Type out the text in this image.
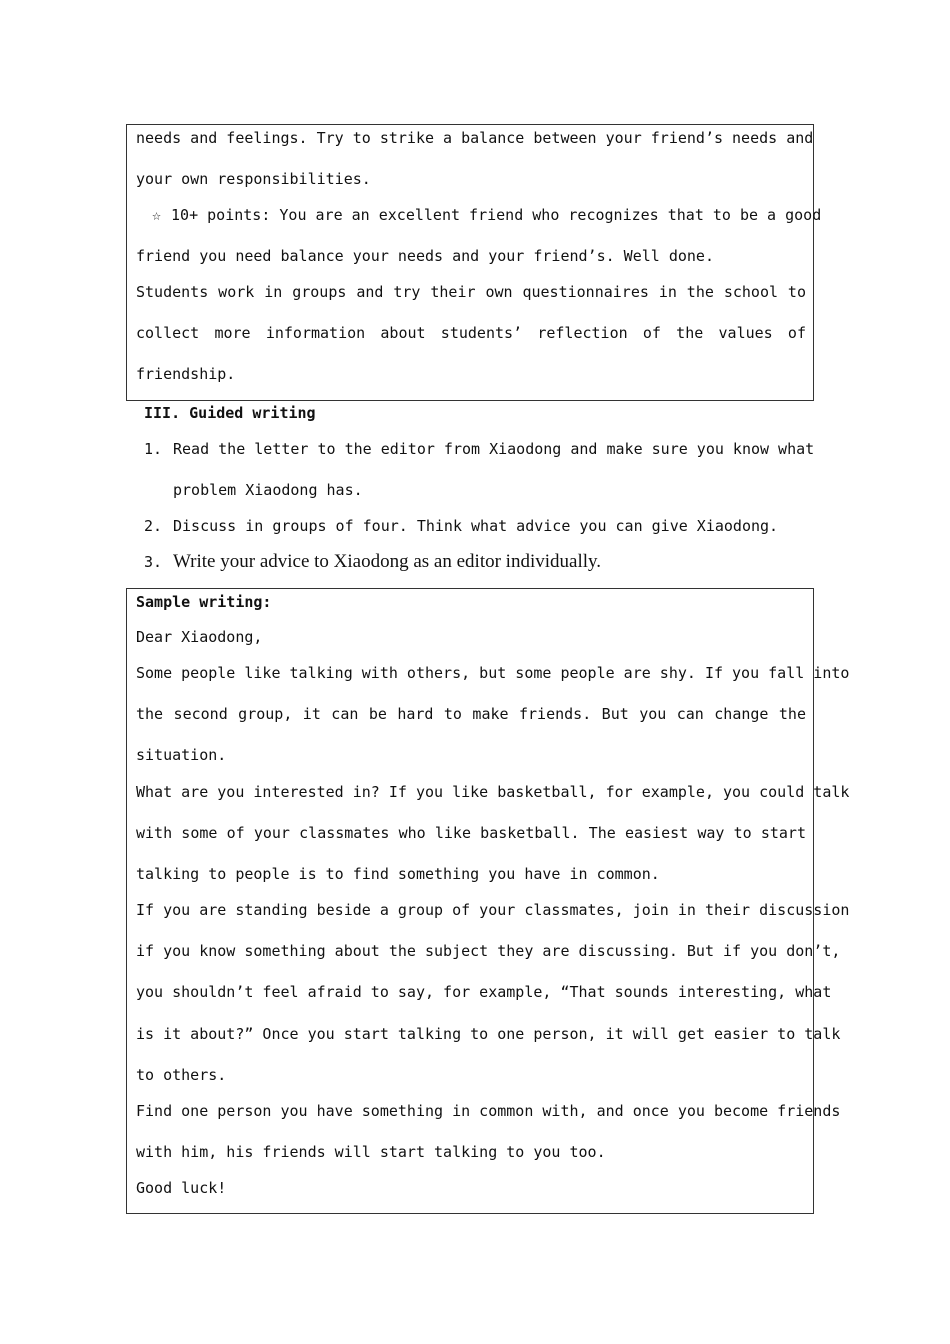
needs and feelings. Try to strike a balance between your friend’s needs and
your own responsibilities.
☆ 10+ points: You are an excellent friend who recognizes that to be a good
friend you need balance your needs and your friend’s. Well done.
Students work in groups and try their own questionnaires in the school to
collect more information about students’ reflection of the values of
friendship.
III. Guided writing
1. Read the letter to the editor from Xiaodong and make sure you know what
problem Xiaodong has.
2. Discuss in groups of four. Think what advice you can give Xiaodong.
3. Write your advice to Xiaodong as an editor individually.
Sample writing:
Dear Xiaodong,
Some people like talking with others, but some people are shy. If you fall into
the second group, it can be hard to make friends. But you can change the
situation.
What are you interested in? If you like basketball, for example, you could talk
with some of your classmates who like basketball. The easiest way to start
talking to people is to find something you have in common.
If you are standing beside a group of your classmates, join in their discussion
if you know something about the subject they are discussing. But if you don’t,
you shouldn’t feel afraid to say, for example, “That sounds interesting, what
is it about?” Once you start talking to one person, it will get easier to talk
to others.
Find one person you have something in common with, and once you become friends
with him, his friends will start talking to you too.
Good luck!
